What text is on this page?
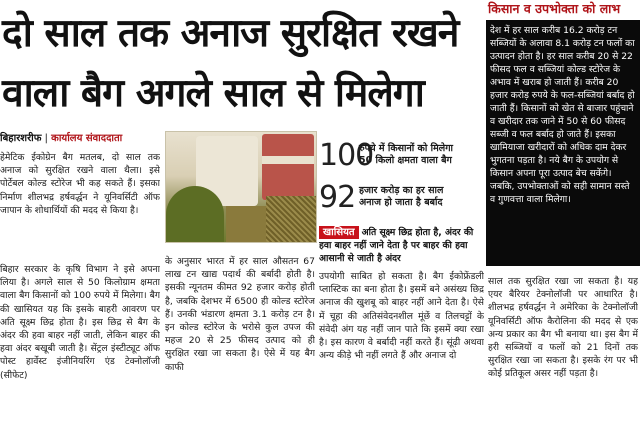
दो साल तक अनाज सुरक्षित रखने
वाला बैग अगले साल से मिलेगा
बिहारशरीफ | कार्यालय संवाददाता

हेमेटिक ईकोग्रेन बैग मतलब, दो साल तक अनाज को सुरक्षित रखने वाला थैला। इसे पोर्टेबल कोल्ड स्टोरेज भी कह सकते हैं। इसका निर्माण शीलभद्र हर्षवर्द्धन ने यूनिवर्सिटी ऑफ जापान के शोधार्थियों की मदद से किया है।

बिहार सरकार के कृषि विभाग ने इसे अपना लिया है। अगले साल से 50 किलोग्राम क्षमता वाला बैग किसानों को 100 रुपये में मिलेगा। बैग की खासियत यह कि इसके बाहरी आवरण पर अति सूक्ष्म छिद्र होता है। इस छिद्र से बैग के अंदर की हवा बाहर नहीं जाती, लेकिन बाहर की हवा अंदर बखूबी जाती है। सेंट्रल इंस्टीट्यूट ऑफ पोस्ट हार्वेस्ट इंजीनियरिंग एंड टेक्नोलॉजी (सीफेट)

100
रुपये में किसानों को मिलेगा
50 किलो क्षमता वाला बैग
92 हजार करोड़ का हर साल
अनाज हो जाता है बर्बाद
खासियत अति सूक्ष्म छिद्र होता है, अंदर की हवा बाहर नहीं जाने देता है पर बाहर की हवा आसानी से जाती है अंदर

के अनुसार भारत में हर साल औसतन 67 लाख टन खाद्य पदार्थ की बर्बादी होती है। इसकी न्यूनतम कीमत 92 हजार करोड़ होती है, जबकि देशभर में 6500 ही कोल्ड स्टोरेज हैं। उनकी भंडारण क्षमता 3.1 करोड़ टन है। इन कोल्ड स्टोरेज के भरोसे कुल उपज की महज 20 से 25 फीसद उत्पाद को ही सुरक्षित रखा जा सकता है। ऐसे में यह बैग काफी

उपयोगी साबित हो सकता है। बैग ईकोफ्रेंडली प्लास्टिक का बना होता है। इसमें बने असंख्य छिद्र अनाज की खुशबू को बाहर नहीं आने देता है। ऐसे में चूहा की अतिसंवेदनशील मूंछें व तिलचट्टों के संवेदी अंग यह नहीं जान पाते कि इसमें क्या रखा है। इस कारण वे बर्बादी नहीं करते हैं। सूंढ़ी अथवा अन्य कीड़े भी नहीं लगते हैं और अनाज दो

किसान व उपभोक्ता को लाभ
देश में हर साल करीब 16.2 करोड़ टन सब्जियों के अलावा 8.1 करोड़ टन फलों का उत्पादन होता है। हर साल करीब 20 से 22 फीसद फल व सब्जियां कोल्ड स्टोरेज के अभाव में खराब हो जाती हैं। करीब 20 हजार करोड़ रुपये के फल-सब्जियां बर्बाद हो जाती हैं। किसानों को खेत से बाजार पहुंचाने व खरीदार तक जाने में 50 से 60 फीसद सब्जी व फल बर्बाद हो जाते हैं। इसका खामियाजा खरीदारों को अधिक दाम देकर भुगतना पड़ता है। नये बैग के उपयोग से किसान अपना पूरा उत्पाद बेच सकेंगे। जबकि, उपभोक्ताओं को सही सामान सस्ते व गुणवत्ता वाला मिलेगा।

साल तक सुरक्षित रखा जा सकता है। यह एयर बैरियर टेक्नोलॉजी पर आधारित है। शीलभद्र हर्षवर्द्धन ने अमेरिका के टेक्नोलॉजी यूनिवर्सिटी ऑफ कैरोलिना की मदद से एक अन्य प्रकार का बैग भी बनाया था। इस बैग में हरी सब्जियों व फलों को 21 दिनों तक सुरक्षित रखा जा सकता है। इसके रंग पर भी कोई प्रतिकूल असर नहीं पड़ता है।
